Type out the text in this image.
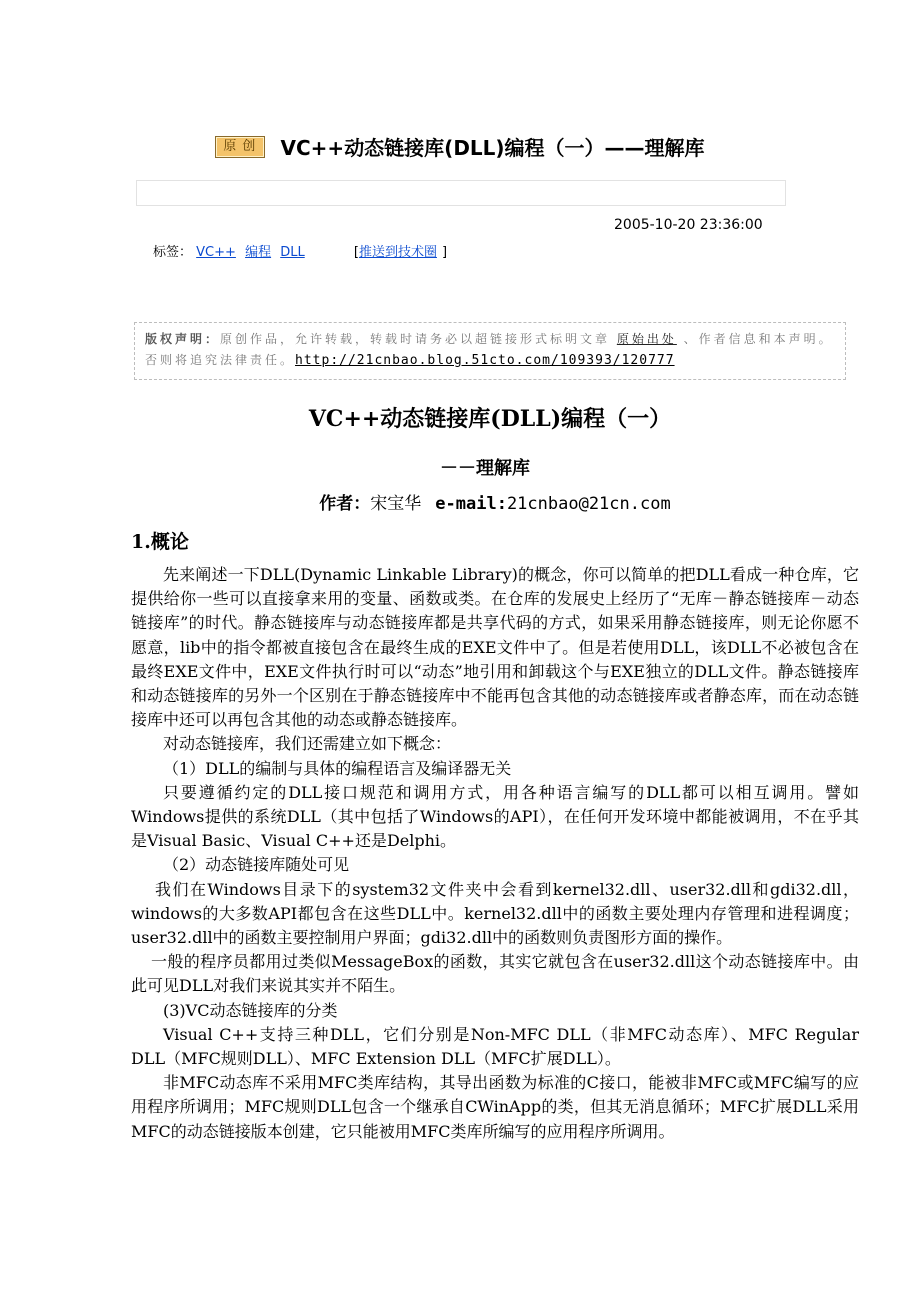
原创 VC++动态链接库(DLL)编程（一）——理解库
2005-10-20 23:36:00
标签： VC++ 编程 DLL	[推送到技术圈 ]
版权声明：原创作品，允许转载，转载时请务必以超链接形式标明文章 原始出处 、作者信息和本声明。否则将追究法律责任。http://21cnbao.blog.51cto.com/109393/120777
VC++动态链接库(DLL)编程（一）
－－理解库
作者：宋宝华 e-mail:21cnbao@21cn.com
1.概论

先来阐述一下DLL(Dynamic Linkable Library)的概念，你可以简单的把DLL看成一种仓库，它提供给你一些可以直接拿来用的变量、函数或类。在仓库的发展史上经历了“无库－静态链接库－动态链接库”的时代。静态链接库与动态链接库都是共享代码的方式，如果采用静态链接库，则无论你愿不愿意，lib中的指令都被直接包含在最终生成的EXE文件中了。但是若使用DLL，该DLL不必被包含在最终EXE文件中，EXE文件执行时可以“动态”地引用和卸载这个与EXE独立的DLL文件。静态链接库和动态链接库的另外一个区别在于静态链接库中不能再包含其他的动态链接库或者静态库，而在动态链接库中还可以再包含其他的动态或静态链接库。

对动态链接库，我们还需建立如下概念：

（1）DLL的编制与具体的编程语言及编译器无关

只要遵循约定的DLL接口规范和调用方式，用各种语言编写的DLL都可以相互调用。譬如Windows提供的系统DLL（其中包括了Windows的API），在任何开发环境中都能被调用，不在乎其是Visual Basic、Visual C++还是Delphi。

（2）动态链接库随处可见

我们在Windows目录下的system32文件夹中会看到kernel32.dll、user32.dll和gdi32.dll，windows的大多数API都包含在这些DLL中。kernel32.dll中的函数主要处理内存管理和进程调度；user32.dll中的函数主要控制用户界面；gdi32.dll中的函数则负责图形方面的操作。

一般的程序员都用过类似MessageBox的函数，其实它就包含在user32.dll这个动态链接库中。由此可见DLL对我们来说其实并不陌生。

(3)VC动态链接库的分类

Visual C++支持三种DLL，它们分别是Non-MFC DLL（非MFC动态库）、MFC Regular DLL（MFC规则DLL）、MFC Extension DLL（MFC扩展DLL）。

非MFC动态库不采用MFC类库结构，其导出函数为标准的C接口，能被非MFC或MFC编写的应用程序所调用；MFC规则DLL包含一个继承自CWinApp的类，但其无消息循环；MFC扩展DLL采用MFC的动态链接版本创建，它只能被用MFC类库所编写的应用程序所调用。
